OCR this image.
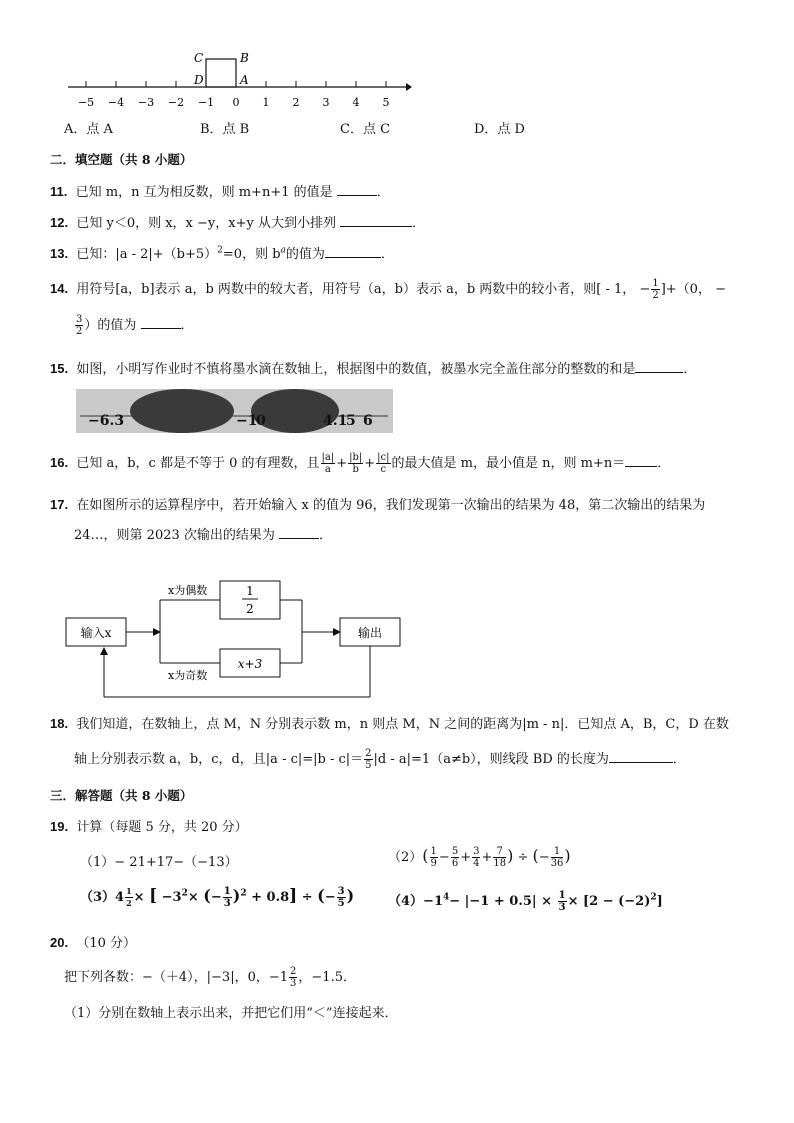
−5 −4 −3 −2 −1 0 1 2 3 4 5
C	B
D	A
A．点 A	B．点 B	C．点 C	D．点 D
二．填空题（共 8 小题）
11. 已知 m，n 互为相反数，则 m+n+1 的值是	．
12. 已知 y＜0，则 x，x −y，x+y 从大到小排列	．
13. 已知：$|a - 2|+(b+5)^2=0$，则 $b^a$的值为	．
14. 用符号[a，b]表示 a，b 两数中的较大者，用符号（a，b）表示 a，b 两数中的较小者，则[ - 1， − $\frac{1}{2} ]+(0$， −
$\frac{3}{2}$ ）的值为	．
15. 如图，小明写作业时不慎将墨水滴在数轴上，根据图中的数值，被墨水完全盖住部分的整数的和是	．
−6.3	−1
0	4.1
5 6
16. 已知 a，b，c 都是不等于 0 的有理数，且 $\frac{|a|}{a} + \frac{|b|}{b} + \frac{|c|}{c}$ 的最大值是 m，最小值是 n，则 m+n＝ ．
17. 在如图所示的运算程序中，若开始输入 x 的值为 96，我们发现第一次输出的结果为 48，第二次输出的结果为
24…，则第 2023 次输出的结果为	．
输入x
x为偶数
x为奇数
1
2
x+3
输出
18. 我们知道，在数轴上，点 M，N 分别表示数 m，n 则点 M，N 之间的距离为|m - n|．已知点 A，B，C，D 在数
轴上分别表示数 a，b，c，d，且$|a - c|=|b - c|= \frac{2}{5} |d - a|=1(a\ne b)$，则线段 BD 的长度为	．
三．解答题（共 8 小题）
19. 计算（每题 5 分，共 20 分）
（1）− 21+17−（−13）	$(2)( \frac{1}{9} - \frac{5}{6} + \frac{3}{4} + \frac{7}{18}$ ) ÷ (− $\frac{1}{36}$ )
$(3)4 \frac{1}{2}$ × [ $-3^2\times$ (− $\frac{1}{3} )^2 + 0.8$] ÷ (− $\frac{3}{5}$ )	$(4)-1^4- |-1 + 0.5| \times \frac{1}{3} \times [2 - (-2)^2]$
20. （10 分）
把下列各数：−（＋4），|−3|，0，$-1 \frac{2}{3}$ ，−1.5．
（1）分别在数轴上表示出来，并把它们用“＜”连接起来．
